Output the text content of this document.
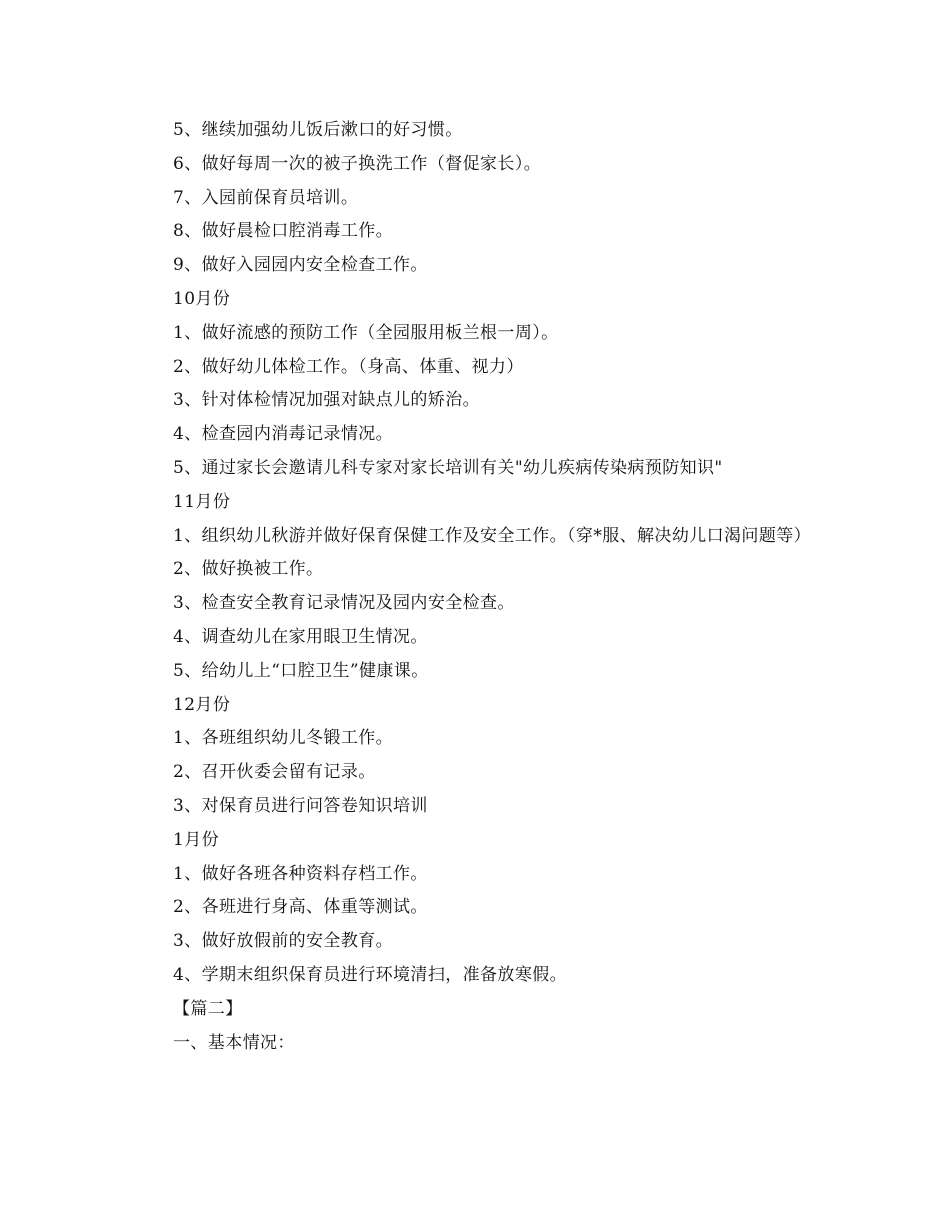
5、继续加强幼儿饭后漱口的好习惯。
6、做好每周一次的被子换洗工作（督促家长）。
7、入园前保育员培训。
8、做好晨检口腔消毒工作。
9、做好入园园内安全检查工作。
10月份
1、做好流感的预防工作（全园服用板兰根一周）。
2、做好幼儿体检工作。（身高、体重、视力）
3、针对体检情况加强对缺点儿的矫治。
4、检查园内消毒记录情况。
5、通过家长会邀请儿科专家对家长培训有关"幼儿疾病传染病预防知识"
11月份
1、组织幼儿秋游并做好保育保健工作及安全工作。（穿*服、解决幼儿口渴问题等）
2、做好换被工作。
3、检查安全教育记录情况及园内安全检查。
4、调查幼儿在家用眼卫生情况。
5、给幼儿上“口腔卫生”健康课。
12月份
1、各班组织幼儿冬锻工作。
2、召开伙委会留有记录。
3、对保育员进行问答卷知识培训
1月份
1、做好各班各种资料存档工作。
2、各班进行身高、体重等测试。
3、做好放假前的安全教育。
4、学期末组织保育员进行环境清扫，准备放寒假。
【篇二】
一、基本情况：
